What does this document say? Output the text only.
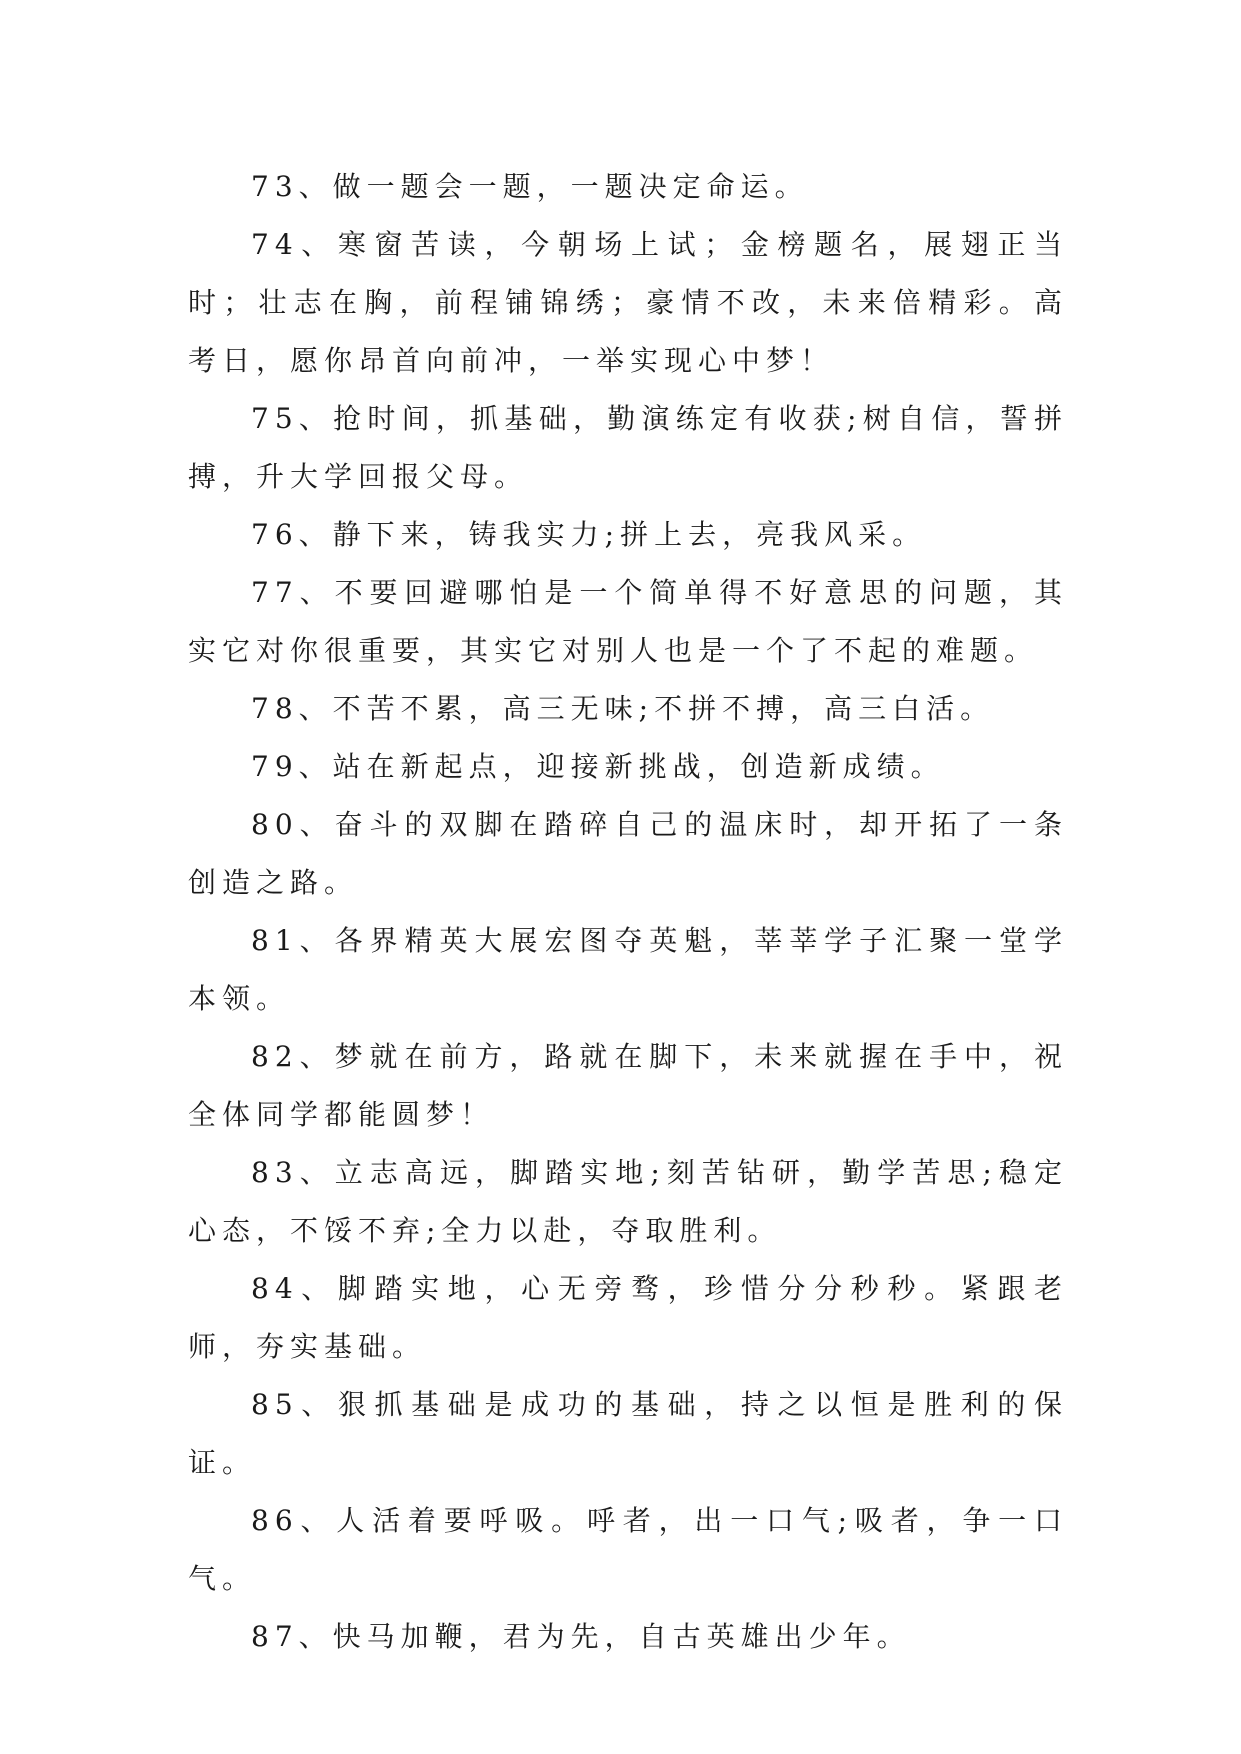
73、做一题会一题，一题决定命运。

74、寒窗苦读，今朝场上试；金榜题名，展翅正当时；壮志在胸，前程铺锦绣；豪情不改，未来倍精彩。高考日，愿你昂首向前冲，一举实现心中梦！

75、抢时间，抓基础，勤演练定有收获;树自信，誓拼搏，升大学回报父母。

76、静下来，铸我实力;拼上去，亮我风采。

77、不要回避哪怕是一个简单得不好意思的问题，其实它对你很重要，其实它对别人也是一个了不起的难题。

78、不苦不累，高三无味;不拼不搏，高三白活。

79、站在新起点，迎接新挑战，创造新成绩。

80、奋斗的双脚在踏碎自己的温床时，却开拓了一条创造之路。

81、各界精英大展宏图夺英魁，莘莘学子汇聚一堂学本领。

82、梦就在前方，路就在脚下，未来就握在手中，祝全体同学都能圆梦！

83、立志高远，脚踏实地;刻苦钻研，勤学苦思;稳定心态，不馁不弃;全力以赴，夺取胜利。

84、脚踏实地，心无旁骛，珍惜分分秒秒。紧跟老师，夯实基础。

85、狠抓基础是成功的基础，持之以恒是胜利的保证。

86、人活着要呼吸。呼者，出一口气;吸者，争一口气。

87、快马加鞭，君为先，自古英雄出少年。
